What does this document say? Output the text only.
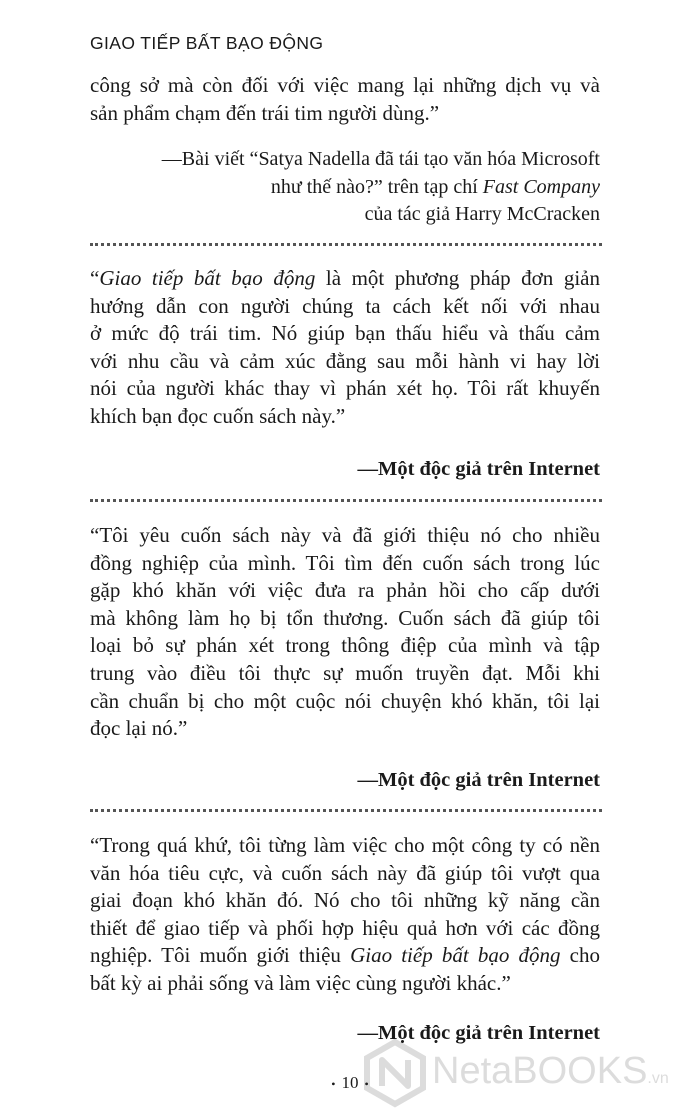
GIAO TIẾP BẤT BẠO ĐỘNG

công sở mà còn đối với việc mang lại những dịch vụ và
sản phẩm chạm đến trái tim người dùng.”

—Bài viết “Satya Nadella đã tái tạo văn hóa Microsoft
như thế nào?” trên tạp chí Fast Company
của tác giả Harry McCracken

“Giao tiếp bất bạo động là một phương pháp đơn giản
hướng dẫn con người chúng ta cách kết nối với nhau
ở mức độ trái tim. Nó giúp bạn thấu hiểu và thấu cảm
với nhu cầu và cảm xúc đằng sau mỗi hành vi hay lời
nói của người khác thay vì phán xét họ. Tôi rất khuyến
khích bạn đọc cuốn sách này.”

—Một độc giả trên Internet

“Tôi yêu cuốn sách này và đã giới thiệu nó cho nhiều
đồng nghiệp của mình. Tôi tìm đến cuốn sách trong lúc
gặp khó khăn với việc đưa ra phản hồi cho cấp dưới
mà không làm họ bị tổn thương. Cuốn sách đã giúp tôi
loại bỏ sự phán xét trong thông điệp của mình và tập
trung vào điều tôi thực sự muốn truyền đạt. Mỗi khi
cần chuẩn bị cho một cuộc nói chuyện khó khăn, tôi lại
đọc lại nó.”

—Một độc giả trên Internet

“Trong quá khứ, tôi từng làm việc cho một công ty có nền
văn hóa tiêu cực, và cuốn sách này đã giúp tôi vượt qua
giai đoạn khó khăn đó. Nó cho tôi những kỹ năng cần
thiết để giao tiếp và phối hợp hiệu quả hơn với các đồng
nghiệp. Tôi muốn giới thiệu Giao tiếp bất bạo động cho
bất kỳ ai phải sống và làm việc cùng người khác.”

—Một độc giả trên Internet
• 10 •	NetaBOOKS.vn
